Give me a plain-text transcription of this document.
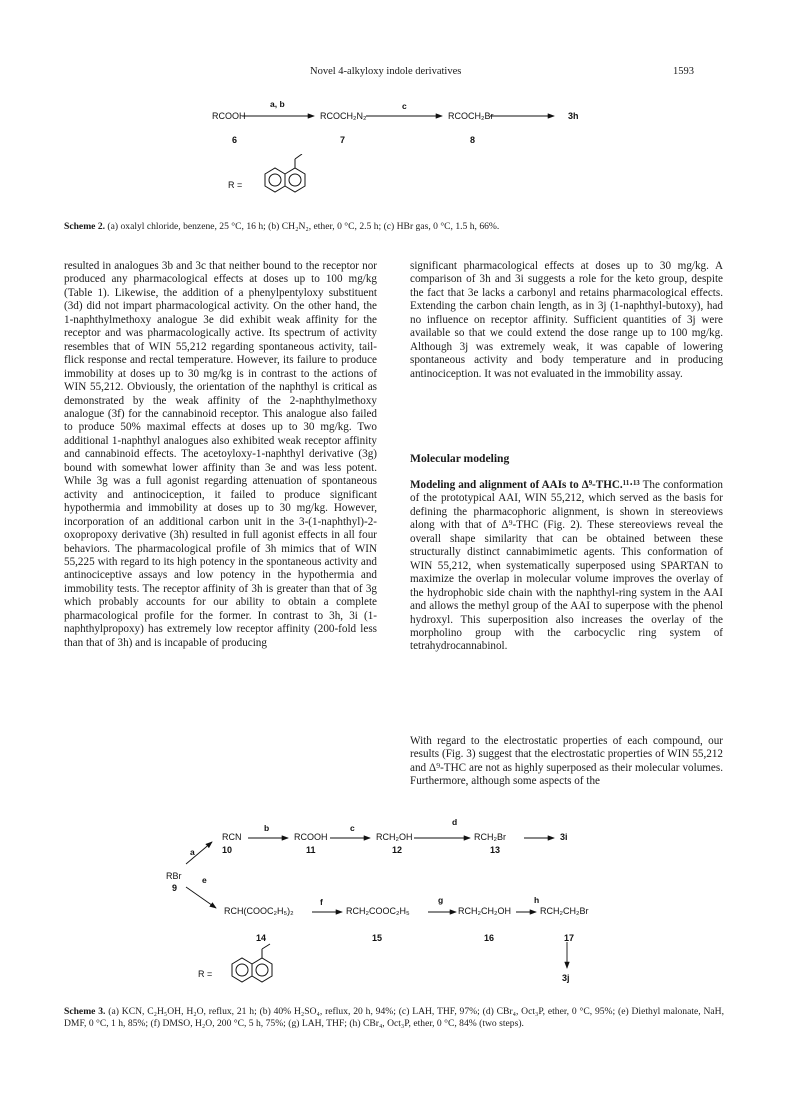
Novel 4-alkyloxy indole derivatives	1593
RCOOH
6
a, b
RCOCH₂N₂
7
c
RCOCH₂Br
8
3h
R =
Scheme 2. (a) oxalyl chloride, benzene, 25 °C, 16 h; (b) CH₂N₂, ether, 0 °C, 2.5 h; (c) HBr gas, 0 °C, 1.5 h, 66%.

resulted in analogues 3b and 3c that neither bound to the receptor nor produced any pharmacological effects at doses up to 100 mg/kg (Table 1). Likewise, the addition of a phenylpentyloxy substituent (3d) did not impart pharmacological activity. On the other hand, the 1-naphthylmethoxy analogue 3e did exhibit weak affinity for the receptor and was pharmacologically active. Its spectrum of activity resembles that of WIN 55,212 regarding spontaneous activity, tail-flick response and rectal temperature. However, its failure to produce immobility at doses up to 30 mg/kg is in contrast to the actions of WIN 55,212. Obviously, the orientation of the naphthyl is critical as demonstrated by the weak affinity of the 2-naphthylmethoxy analogue (3f) for the cannabinoid receptor. This analogue also failed to produce 50% maximal effects at doses up to 30 mg/kg. Two additional 1-naphthyl analogues also exhibited weak receptor affinity and cannabinoid effects. The acetoyloxy-1-naphthyl derivative (3g) bound with somewhat lower affinity than 3e and was less potent. While 3g was a full agonist regarding attenuation of spontaneous activity and antinociception, it failed to produce significant hypothermia and immobility at doses up to 30 mg/kg. However, incorporation of an additional carbon unit in the 3-(1-naphthyl)-2-oxopropoxy derivative (3h) resulted in full agonist effects in all four behaviors. The pharmacological profile of 3h mimics that of WIN 55,225 with regard to its high potency in the spontaneous activity and antinociceptive assays and low potency in the hypothermia and immobility tests. The receptor affinity of 3h is greater than that of 3g which probably accounts for our ability to obtain a complete pharmacological profile for the former. In contrast to 3h, 3i (1-naphthylpropoxy) has extremely low receptor affinity (200-fold less than that of 3h) and is incapable of producing

significant pharmacological effects at doses up to 30 mg/kg. A comparison of 3h and 3i suggests a role for the keto group, despite the fact that 3e lacks a carbonyl and retains pharmacological effects. Extending the carbon chain length, as in 3j (1-naphthyl-butoxy), had no influence on receptor affinity. Sufficient quantities of 3j were available so that we could extend the dose range up to 100 mg/kg. Although 3j was extremely weak, it was capable of lowering spontaneous activity and body temperature and in producing antinociception. It was not evaluated in the immobility assay.

Molecular modeling

Modeling and alignment of AAIs to Δ⁹-THC.¹¹·¹³ The conformation of the prototypical AAI, WIN 55,212, which served as the basis for defining the pharmacophoric alignment, is shown in stereoviews along with that of Δ⁹-THC (Fig. 2). These stereoviews reveal the overall shape similarity that can be obtained between these structurally distinct cannabimimetic agents. This conformation of WIN 55,212, when systematically superposed using SPARTAN to maximize the overlap in molecular volume improves the overlay of the hydrophobic side chain with the naphthyl-ring system in the AAI and allows the methyl group of the AAI to superpose with the phenol hydroxyl. This superposition also increases the overlay of the morpholino group with the carbocyclic ring system of tetrahydrocannabinol.

With regard to the electrostatic properties of each compound, our results (Fig. 3) suggest that the electrostatic properties of WIN 55,212 and Δ⁹-THC are not as highly superposed as their molecular volumes. Furthermore, although some aspects of the

RCN
10
b
RCOOH
11
c
RCH₂OH
12
d
RCH₂Br
13
3i
a
RBr
9
e
RCH(COOC₂H₅)₂
14
f
RCH₂COOC₂H₅
15
g
RCH₂CH₂OH
16
h
RCH₂CH₂Br
17
3j
R =
Scheme 3. (a) KCN, C₂H₅OH, H₂O, reflux, 21 h; (b) 40% H₂SO₄, reflux, 20 h, 94%; (c) LAH, THF, 97%; (d) CBr₄, Oct₃P, ether, 0 °C, 95%; (e) Diethyl malonate, NaH, DMF, 0 °C, 1 h, 85%; (f) DMSO, H₂O, 200 °C, 5 h, 75%; (g) LAH, THF; (h) CBr₄, Oct₃P, ether, 0 °C, 84% (two steps).
